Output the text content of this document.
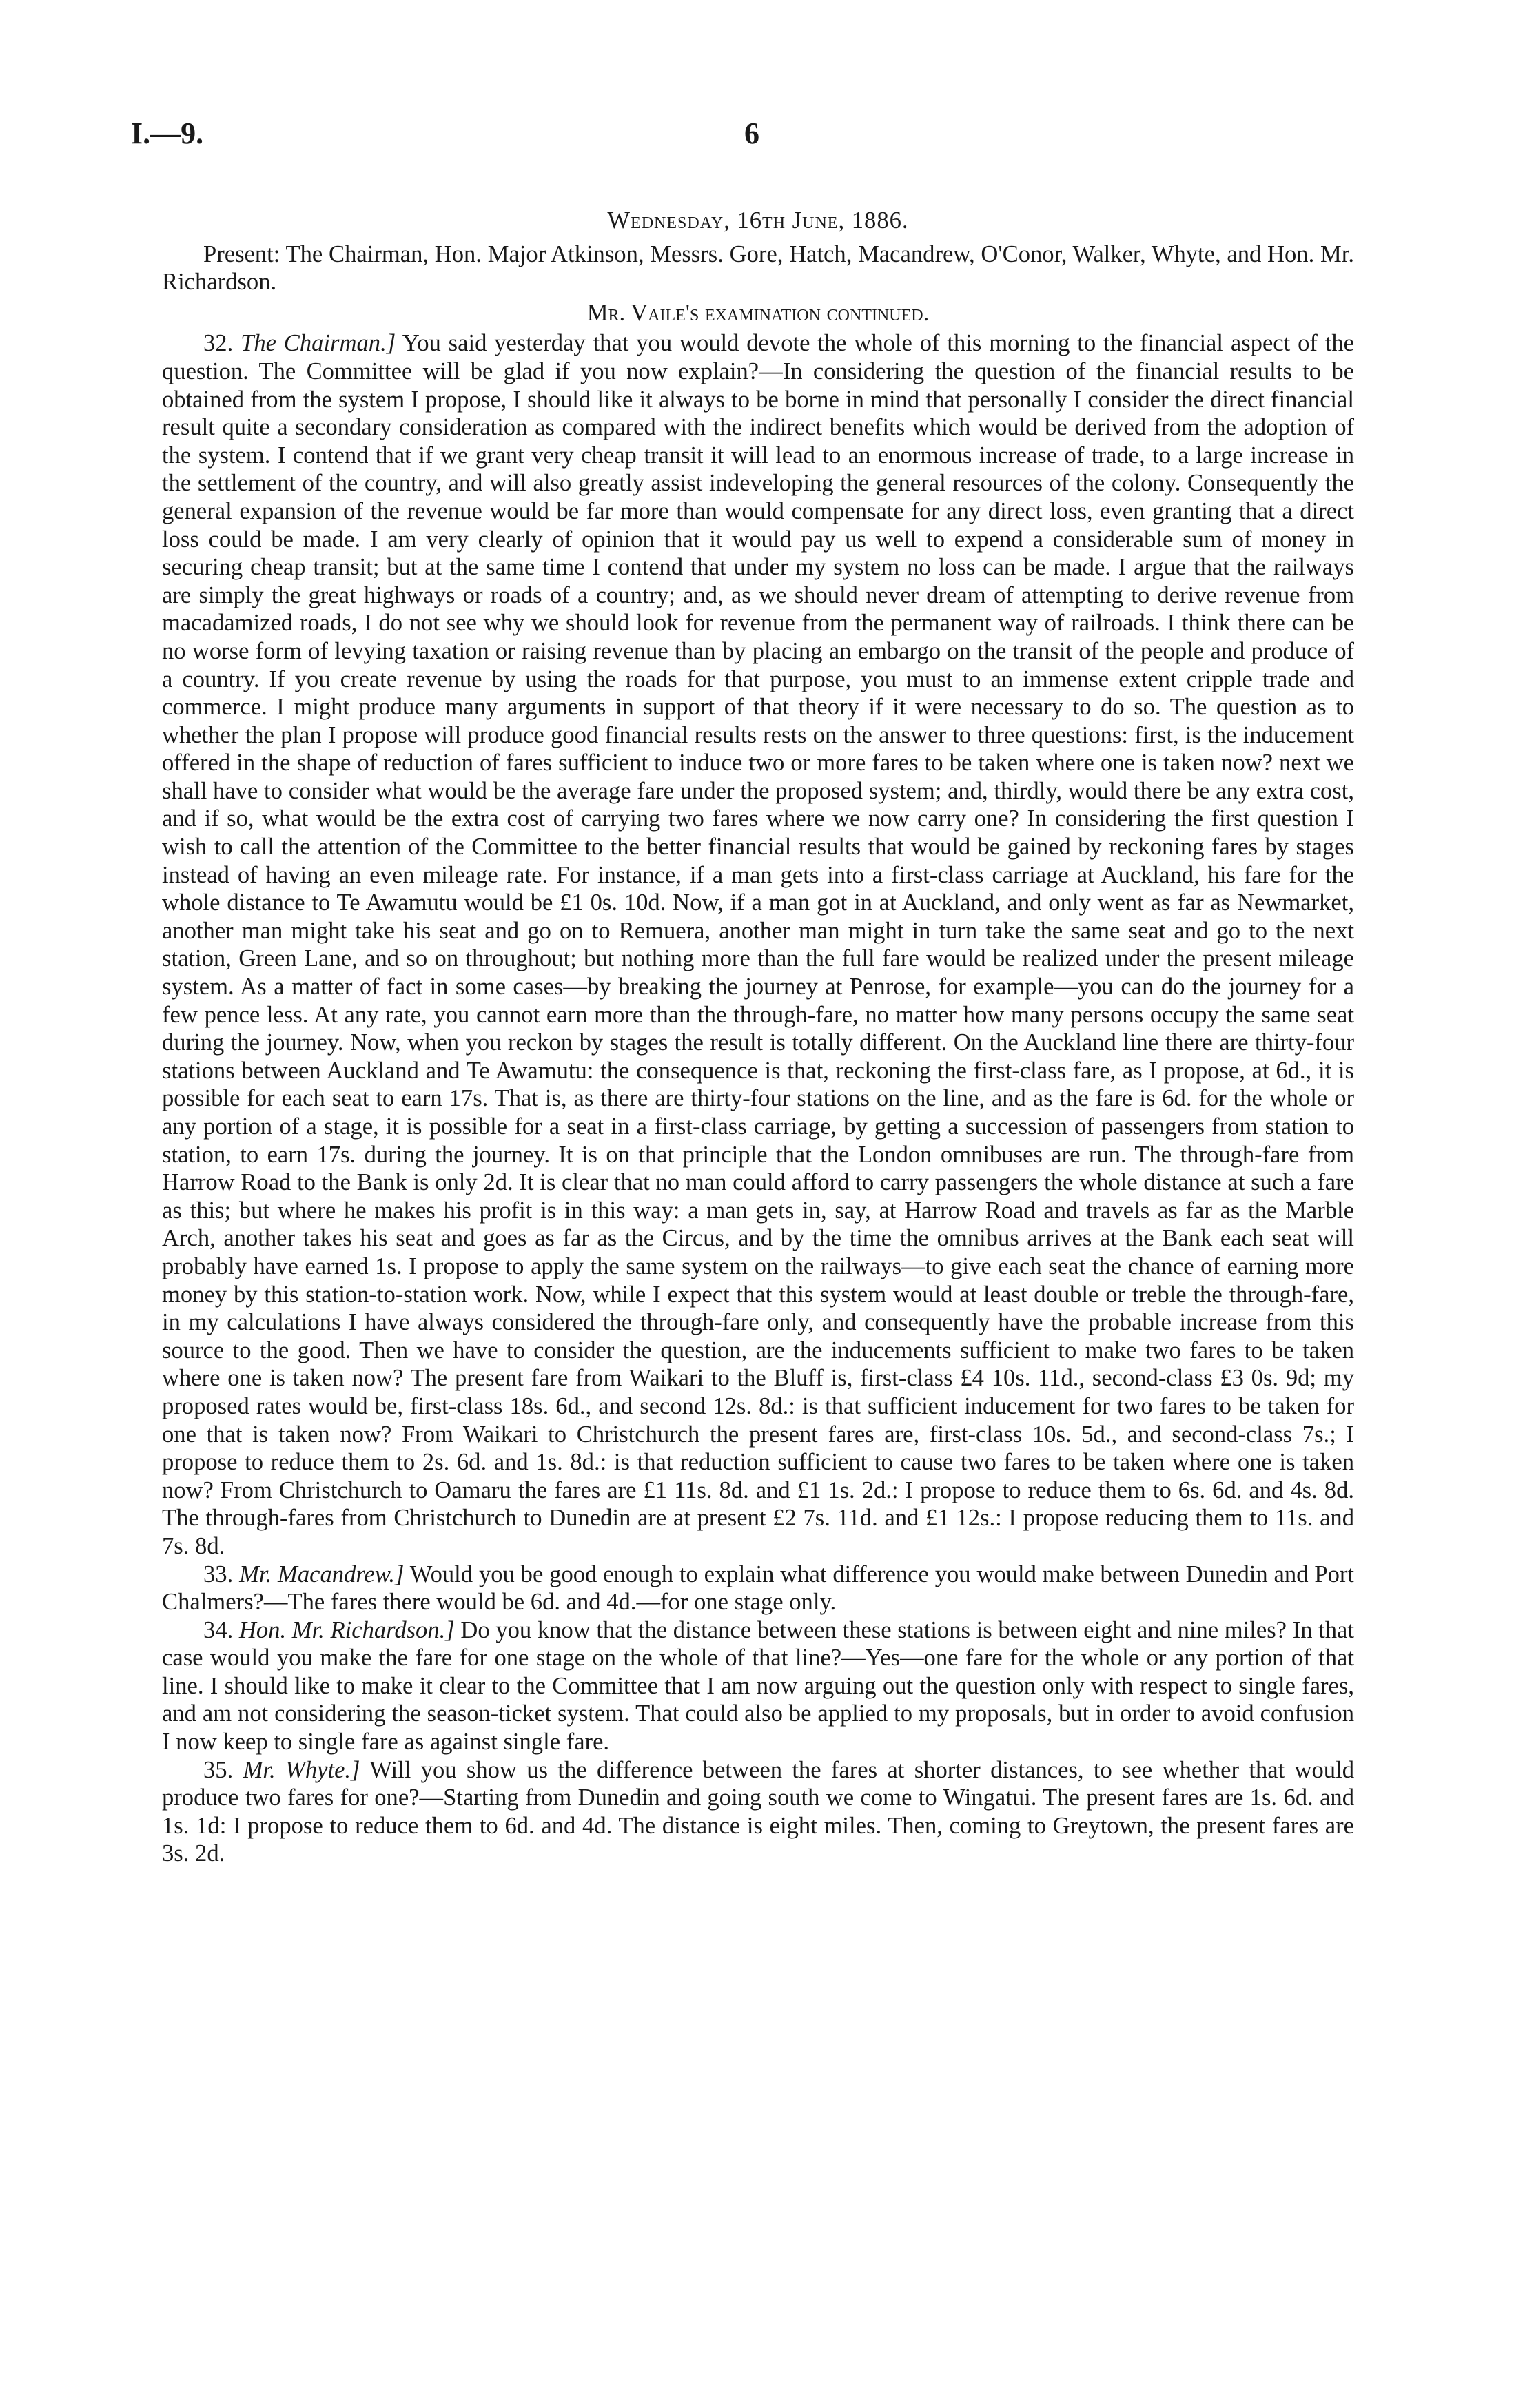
I.—9.	6
Wednesday, 16th June, 1886.

Present: The Chairman, Hon. Major Atkinson, Messrs. Gore, Hatch, Macandrew, O'Conor, Walker, Whyte, and Hon. Mr. Richardson.

Mr. Vaile's examination continued.

32. The Chairman.] You said yesterday that you would devote the whole of this morning to the financial aspect of the question. The Committee will be glad if you now explain?—In considering the question of the financial results to be obtained from the system I propose, I should like it always to be borne in mind that personally I consider the direct financial result quite a secondary consideration as compared with the indirect benefits which would be derived from the adoption of the system. I contend that if we grant very cheap transit it will lead to an enormous increase of trade, to a large increase in the settlement of the country, and will also greatly assist indeveloping the general resources of the colony. Consequently the general expansion of the revenue would be far more than would compensate for any direct loss, even granting that a direct loss could be made. I am very clearly of opinion that it would pay us well to expend a considerable sum of money in securing cheap transit; but at the same time I contend that under my system no loss can be made. I argue that the railways are simply the great highways or roads of a country; and, as we should never dream of attempting to derive revenue from macadamized roads, I do not see why we should look for revenue from the permanent way of railroads. I think there can be no worse form of levying taxation or raising revenue than by placing an embargo on the transit of the people and produce of a country. If you create revenue by using the roads for that purpose, you must to an immense extent cripple trade and commerce. I might produce many arguments in support of that theory if it were necessary to do so. The question as to whether the plan I propose will produce good financial results rests on the answer to three questions: first, is the inducement offered in the shape of reduction of fares sufficient to induce two or more fares to be taken where one is taken now? next we shall have to consider what would be the average fare under the proposed system; and, thirdly, would there be any extra cost, and if so, what would be the extra cost of carrying two fares where we now carry one? In considering the first question I wish to call the attention of the Committee to the better financial results that would be gained by reckoning fares by stages instead of having an even mileage rate. For instance, if a man gets into a first-class carriage at Auckland, his fare for the whole distance to Te Awamutu would be £1 0s. 10d. Now, if a man got in at Auckland, and only went as far as Newmarket, another man might take his seat and go on to Remuera, another man might in turn take the same seat and go to the next station, Green Lane, and so on throughout; but nothing more than the full fare would be realized under the present mileage system. As a matter of fact in some cases—by breaking the journey at Penrose, for example—you can do the journey for a few pence less. At any rate, you cannot earn more than the through-fare, no matter how many persons occupy the same seat during the journey. Now, when you reckon by stages the result is totally different. On the Auckland line there are thirty-four stations between Auckland and Te Awamutu: the consequence is that, reckoning the first-class fare, as I propose, at 6d., it is possible for each seat to earn 17s. That is, as there are thirty-four stations on the line, and as the fare is 6d. for the whole or any portion of a stage, it is possible for a seat in a first-class carriage, by getting a succession of passengers from station to station, to earn 17s. during the journey. It is on that principle that the London omnibuses are run. The through-fare from Harrow Road to the Bank is only 2d. It is clear that no man could afford to carry passengers the whole distance at such a fare as this; but where he makes his profit is in this way: a man gets in, say, at Harrow Road and travels as far as the Marble Arch, another takes his seat and goes as far as the Circus, and by the time the omnibus arrives at the Bank each seat will probably have earned 1s. I propose to apply the same system on the railways—to give each seat the chance of earning more money by this station-to-station work. Now, while I expect that this system would at least double or treble the through-fare, in my calculations I have always considered the through-fare only, and consequently have the probable increase from this source to the good. Then we have to consider the question, are the inducements sufficient to make two fares to be taken where one is taken now? The present fare from Waikari to the Bluff is, first-class £4 10s. 11d., second-class £3 0s. 9d; my proposed rates would be, first-class 18s. 6d., and second 12s. 8d.: is that sufficient inducement for two fares to be taken for one that is taken now? From Waikari to Christchurch the present fares are, first-class 10s. 5d., and second-class 7s.; I propose to reduce them to 2s. 6d. and 1s. 8d.: is that reduction sufficient to cause two fares to be taken where one is taken now? From Christchurch to Oamaru the fares are £1 11s. 8d. and £1 1s. 2d.: I propose to reduce them to 6s. 6d. and 4s. 8d. The through-fares from Christchurch to Dunedin are at present £2 7s. 11d. and £1 12s.: I propose reducing them to 11s. and 7s. 8d.

33. Mr. Macandrew.] Would you be good enough to explain what difference you would make between Dunedin and Port Chalmers?—The fares there would be 6d. and 4d.—for one stage only.

34. Hon. Mr. Richardson.] Do you know that the distance between these stations is between eight and nine miles? In that case would you make the fare for one stage on the whole of that line?—Yes—one fare for the whole or any portion of that line. I should like to make it clear to the Committee that I am now arguing out the question only with respect to single fares, and am not considering the season-ticket system. That could also be applied to my proposals, but in order to avoid confusion I now keep to single fare as against single fare.

35. Mr. Whyte.] Will you show us the difference between the fares at shorter distances, to see whether that would produce two fares for one?—Starting from Dunedin and going south we come to Wingatui. The present fares are 1s. 6d. and 1s. 1d: I propose to reduce them to 6d. and 4d. The distance is eight miles. Then, coming to Greytown, the present fares are 3s. 2d.
